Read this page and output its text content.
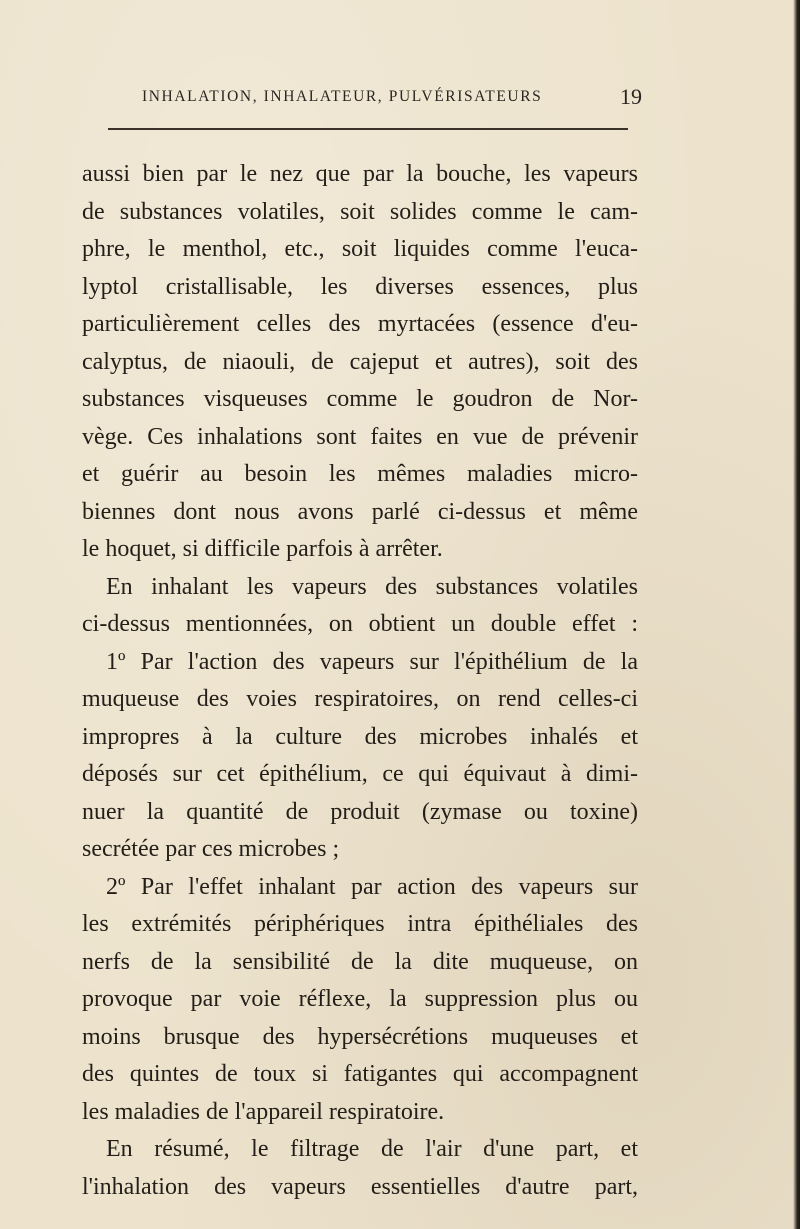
INHALATION, INHALATEUR, PULVÉRISATEURS	19
aussi bien par le nez que par la bouche, les vapeurs
de substances volatiles, soit solides comme le cam-
phre, le menthol, etc., soit liquides comme l'euca-
lyptol cristallisable, les diverses essences, plus
particulièrement celles des myrtacées (essence d'eu-
calyptus, de niaouli, de cajeput et autres), soit des
substances visqueuses comme le goudron de Nor-
vège. Ces inhalations sont faites en vue de prévenir
et guérir au besoin les mêmes maladies micro-
biennes dont nous avons parlé ci-dessus et même
le hoquet, si difficile parfois à arrêter.
En inhalant les vapeurs des substances volatiles
ci-dessus mentionnées, on obtient un double effet :
1º Par l'action des vapeurs sur l'épithélium de la
muqueuse des voies respiratoires, on rend celles-ci
impropres à la culture des microbes inhalés et
déposés sur cet épithélium, ce qui équivaut à dimi-
nuer la quantité de produit (zymase ou toxine)
secrétée par ces microbes ;
2º Par l'effet inhalant par action des vapeurs sur
les extrémités périphériques intra épithéliales des
nerfs de la sensibilité de la dite muqueuse, on
provoque par voie réflexe, la suppression plus ou
moins brusque des hypersécrétions muqueuses et
des quintes de toux si fatigantes qui accompagnent
les maladies de l'appareil respiratoire.
En résumé, le filtrage de l'air d'une part, et
l'inhalation des vapeurs essentielles d'autre part,
